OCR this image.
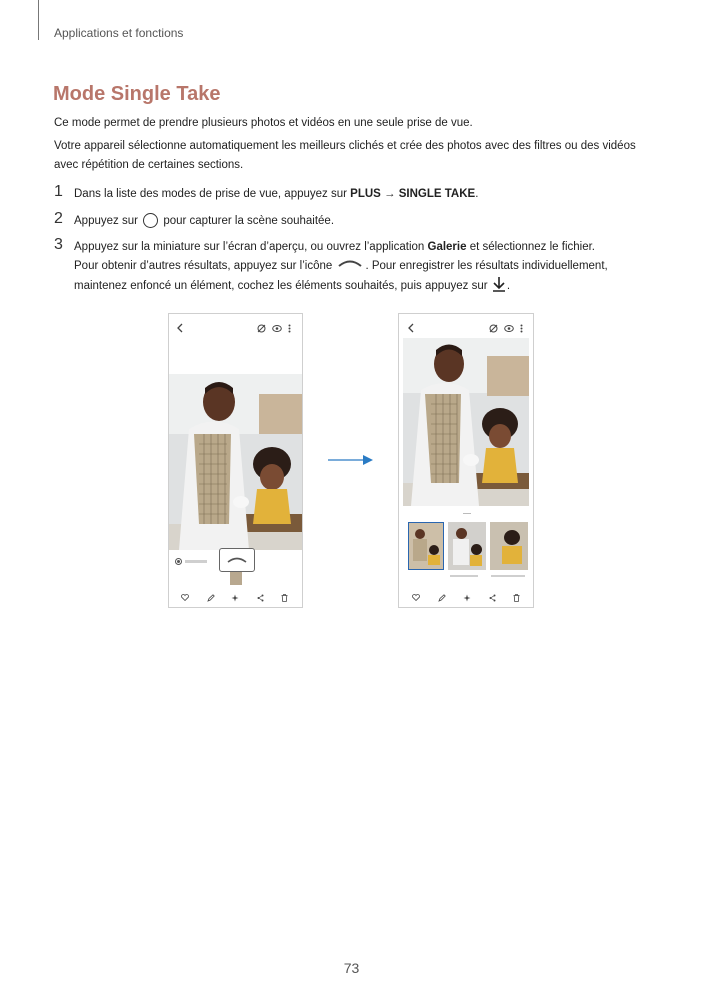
Applications et fonctions
Mode Single Take
Ce mode permet de prendre plusieurs photos et vidéos en une seule prise de vue.
Votre appareil sélectionne automatiquement les meilleurs clichés et crée des photos avec des filtres ou des vidéos avec répétition de certaines sections.
1 Dans la liste des modes de prise de vue, appuyez sur PLUS → SINGLE TAKE.
2 Appuyez sur  pour capturer la scène souhaitée.
3 Appuyez sur la miniature sur l’écran d’aperçu, ou ouvrez l’application Galerie et sélectionnez le fichier.
Pour obtenir d’autres résultats, appuyez sur l’icône	. Pour enregistrer les résultats individuellement,
maintenez enfoncé un élément, cochez les éléments souhaités, puis appuyez sur .
73
